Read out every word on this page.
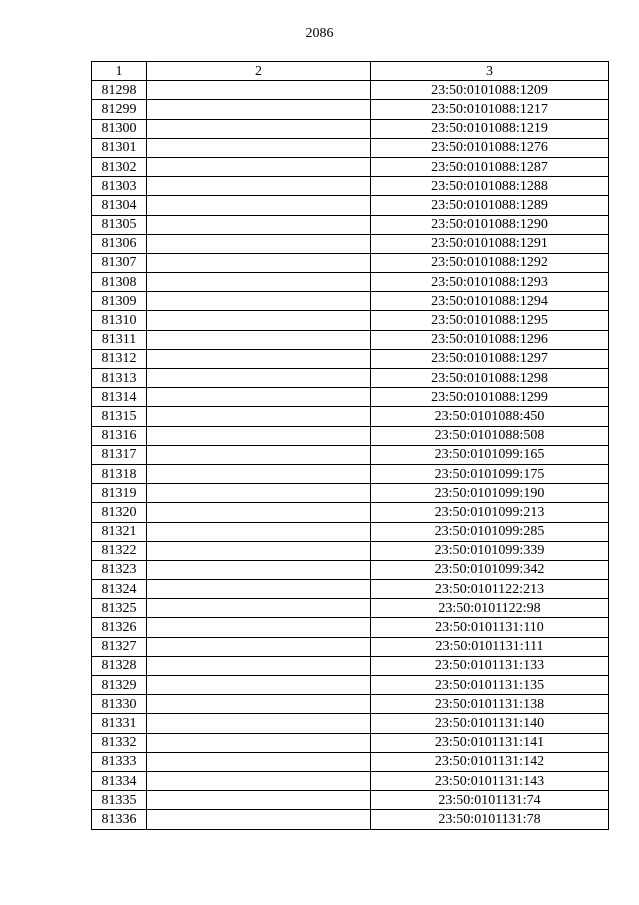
2086
1	2	3
81298		23:50:0101088:1209
81299		23:50:0101088:1217
81300		23:50:0101088:1219
81301		23:50:0101088:1276
81302		23:50:0101088:1287
81303		23:50:0101088:1288
81304		23:50:0101088:1289
81305		23:50:0101088:1290
81306		23:50:0101088:1291
81307		23:50:0101088:1292
81308		23:50:0101088:1293
81309		23:50:0101088:1294
81310		23:50:0101088:1295
81311		23:50:0101088:1296
81312		23:50:0101088:1297
81313		23:50:0101088:1298
81314		23:50:0101088:1299
81315		23:50:0101088:450
81316		23:50:0101088:508
81317		23:50:0101099:165
81318		23:50:0101099:175
81319		23:50:0101099:190
81320		23:50:0101099:213
81321		23:50:0101099:285
81322		23:50:0101099:339
81323		23:50:0101099:342
81324		23:50:0101122:213
81325		23:50:0101122:98
81326		23:50:0101131:110
81327		23:50:0101131:111
81328		23:50:0101131:133
81329		23:50:0101131:135
81330		23:50:0101131:138
81331		23:50:0101131:140
81332		23:50:0101131:141
81333		23:50:0101131:142
81334		23:50:0101131:143
81335		23:50:0101131:74
81336		23:50:0101131:78
